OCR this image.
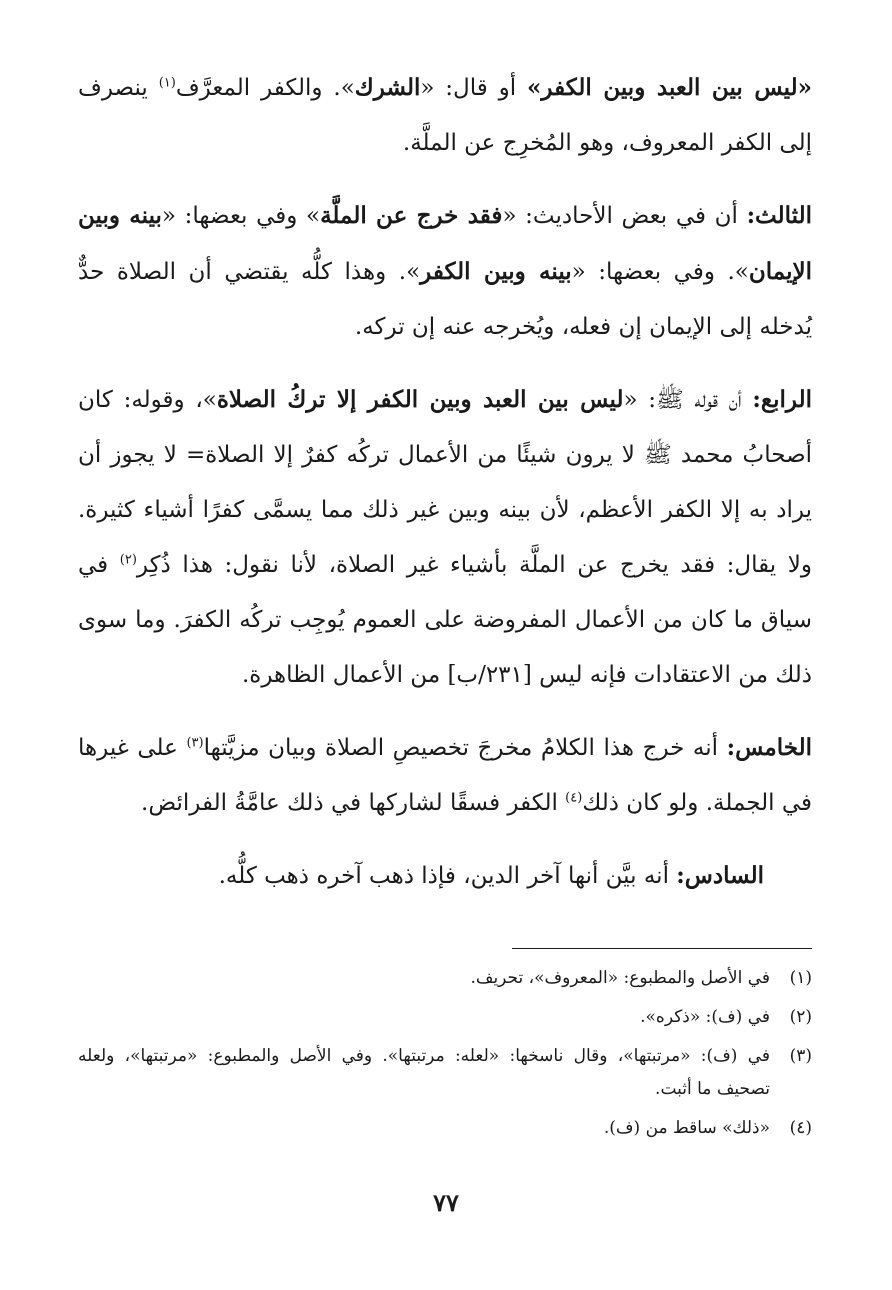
«ليس بين العبد وبين الكفر» أو قال: «الشرك». والكفر المعرَّف$^{(١)}$ ينصرف إلى الكفر المعروف، وهو المُخرِج عن الملَّة.

الثالث: أن في بعض الأحاديث: «فقد خرج عن الملَّة» وفي بعضها: «بينه وبين الإيمان». وفي بعضها: «بينه وبين الكفر». وهذا كلُّه يقتضي أن الصلاة حدٌّ يُدخله إلى الإيمان إن فعله، ويُخرجه عنه إن تركه.

الرابع: أن قوله ﷺ: «ليس بين العبد وبين الكفر إلا تركُ الصلاة»، وقوله: كان أصحابُ محمد ﷺ لا يرون شيئًا من الأعمال تركُه كفرٌ إلا الصلاة= لا يجوز أن يراد به إلا الكفر الأعظم، لأن بينه وبين غير ذلك مما يسمَّى كفرًا أشياء كثيرة. ولا يقال: فقد يخرج عن الملَّة بأشياء غير الصلاة، لأنا نقول: هذا ذُكِر$^{(٢)}$ في سياق ما كان من الأعمال المفروضة على العموم يُوجِب تركُه الكفرَ. وما سوى ذلك من الاعتقادات فإنه ليس [٢٣١/ب] من الأعمال الظاهرة.

الخامس: أنه خرج هذا الكلامُ مخرجَ تخصيصِ الصلاة وبيان مزيَّتها$^{(٣)}$ على غيرها في الجملة. ولو كان ذلك$^{(٤)}$ الكفر فسقًا لشاركها في ذلك عامَّةُ الفرائض.

السادس: أنه بيَّن أنها آخر الدين، فإذا ذهب آخره ذهب كلُّه.

(١)
في الأصل والمطبوع: «المعروف»، تحريف.
(٢)
في (ف): «ذكره».
(٣)
في (ف): «مرتبتها»، وقال ناسخها: «لعله: مرتبتها». وفي الأصل والمطبوع: «مرتبتها»، ولعله تصحيف ما أثبت.
(٤)
«ذلك» ساقط من (ف).
٧٧
